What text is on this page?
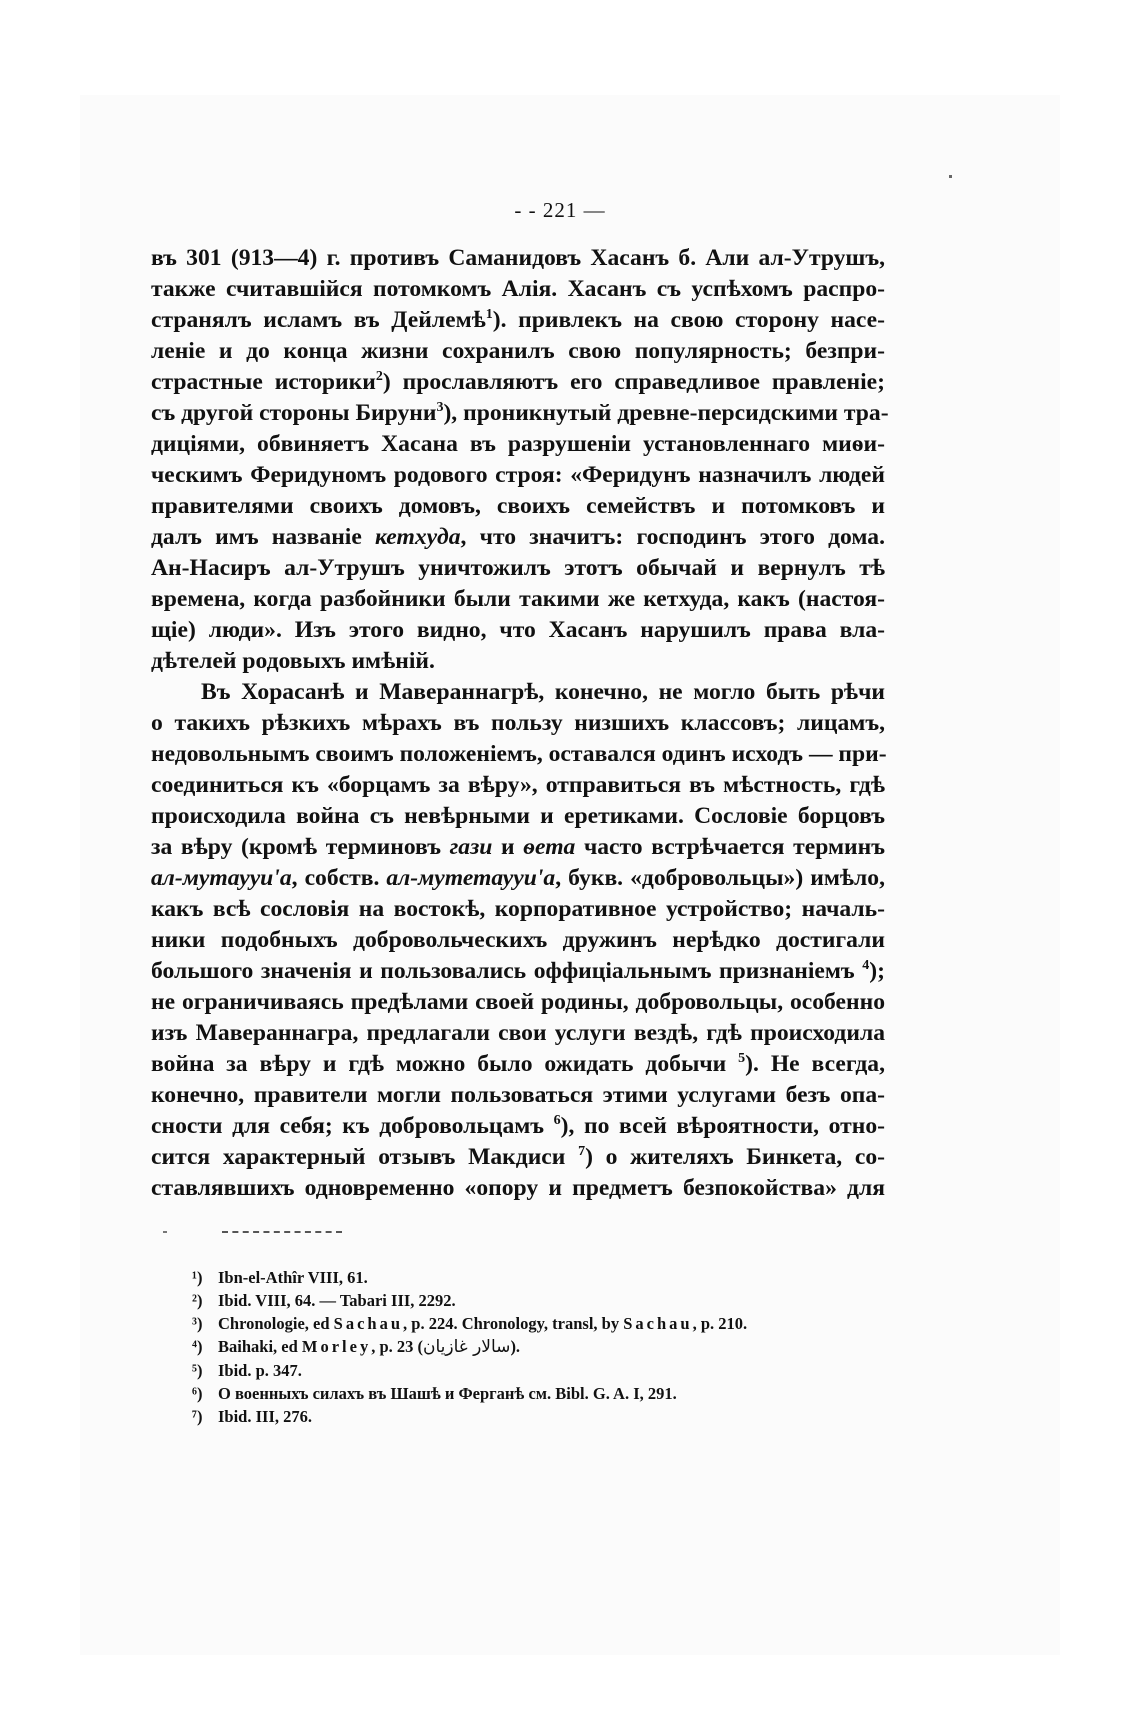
- - 221 —
въ 301 (913—4) г. противъ Саманидовъ Хасанъ б. Али ал-Утрушъ,
также считавшійся потомкомъ Алія. Хасанъ съ успѣхомъ распро-
странялъ исламъ въ Дейлемѣ$^1$). привлекъ на свою сторону насе-
леніе и до конца жизни сохранилъ свою популярность; безпри-
страстные историки$^2$) прославляютъ его справедливое правленіе;
съ другой стороны Бируни$^3$), проникнутый древне-персидскими тра-
диціями, обвиняетъ Хасана въ разрушеніи установленнаго миѳи-
ческимъ Феридуномъ родового строя: «Феридунъ назначилъ людей
правителями своихъ домовъ, своихъ семействъ и потомковъ и
далъ имъ названіе кетхуда, что значитъ: господинъ этого дома.
Ан-Насиръ ал-Утрушъ уничтожилъ этотъ обычай и вернулъ тѣ
времена, когда разбойники были такими же кетхуда, какъ (настоя-
щіе) люди». Изъ этого видно, что Хасанъ нарушилъ права вла-
дѣтелей родовыхъ имѣній.
Въ Хорасанѣ и Мавераннагрѣ, конечно, не могло быть рѣчи
о такихъ рѣзкихъ мѣрахъ въ пользу низшихъ классовъ; лицамъ,
недовольнымъ своимъ положеніемъ, оставался одинъ исходъ — при-
соединиться къ «борцамъ за вѣру», отправиться въ мѣстность, гдѣ
происходила война съ невѣрными и еретиками. Сословіе борцовъ
за вѣру (кромѣ терминовъ гази и ѳета часто встрѣчается терминъ
ал-мутаууи'а, собств. ал-мутетаууи'а, букв. «добровольцы») имѣло,
какъ всѣ сословія на востокѣ, корпоративное устройство; началь-
ники подобныхъ добровольческихъ дружинъ нерѣдко достигали
большого значенія и пользовались оффиціальнымъ признаніемъ $^4$);
не ограничиваясь предѣлами своей родины, добровольцы, особенно
изъ Мавераннагра, предлагали свои услуги вездѣ, гдѣ происходила
война за вѣру и гдѣ можно было ожидать добычи $^5$). Не всегда,
конечно, правители могли пользоваться этими услугами безъ опа-
сности для себя; къ добровольцамъ $^6$), по всей вѣроятности, отно-
сится характерный отзывъ Макдиси $^7$) о жителяхъ Бинкета, со-
ставлявшихъ одновременно «опору и предметъ безпокойства» для
¹) Ibn-el-Athîr VIII, 61.
²) Ibid. VIII, 64. — Tabari III, 2292.
³) Chronologie, ed Sachau, p. 224. Chronology, transl, by Sachau, p. 210.
⁴) Baihaki, ed Morley, p. 23 (سالار غازيان).
⁵) Ibid. p. 347.
⁶) О военныхъ силахъ въ Шашѣ и Ферганѣ см. Bibl. G. A. I, 291.
⁷) Ibid. III, 276.
